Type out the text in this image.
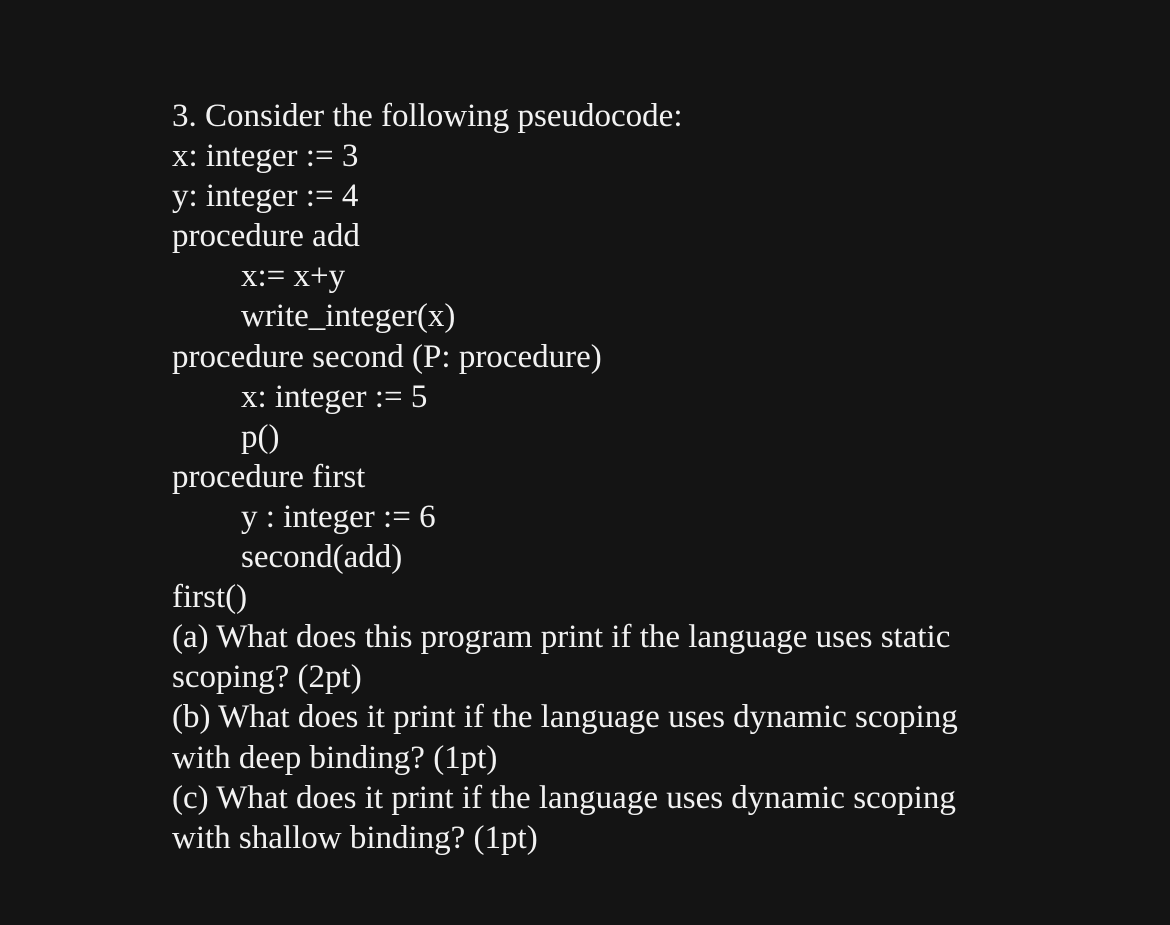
3. Consider the following pseudocode:
x: integer := 3
y: integer := 4
procedure add
x:= x+y
write_integer(x)
procedure second (P: procedure)
x: integer := 5
p()
procedure first
y : integer := 6
second(add)
first()
(a) What does this program print if the language uses static
scoping? (2pt)
(b) What does it print if the language uses dynamic scoping
with deep binding? (1pt)
(c) What does it print if the language uses dynamic scoping
with shallow binding? (1pt)
